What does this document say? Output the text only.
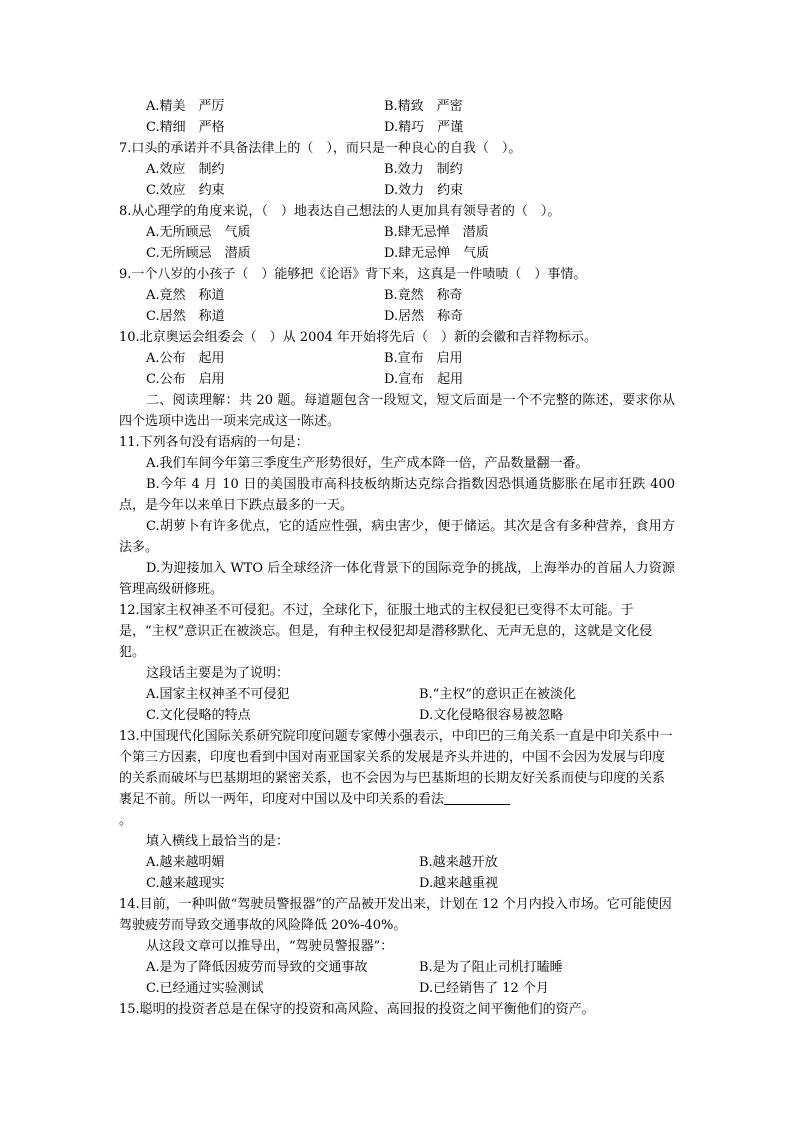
A.精美　严厉	B.精致　严密
C.精细　严格	D.精巧　严谨

7.口头的承诺并不具备法律上的（　），而只是一种良心的自我（　）。

A.效应　制约	B.效力　制约
C.效应　约束	D.效力　约束

8.从心理学的角度来说，（　）地表达自己想法的人更加具有领导者的（　）。

A.无所顾忌　气质	B.肆无忌惮　潜质
C.无所顾忌　潜质	D.肆无忌惮　气质

9.一个八岁的小孩子（　）能够把《论语》背下来，这真是一件啧啧（　）事情。

A.竟然　称道	B.竟然　称奇
C.居然　称道	D.居然　称奇

10.北京奥运会组委会（　）从 2004 年开始将先后（　）新的会徽和吉祥物标示。

A.公布　起用	B.宣布　启用
C.公布　启用	D.宣布　起用

二、阅读理解：共 20 题。每道题包含一段短文，短文后面是一个不完整的陈述，要求你从四个选项中选出一项来完成这一陈述。

11.下列各句没有语病的一句是：

A.我们车间今年第三季度生产形势很好，生产成本降一倍，产品数量翻一番。

B.今年 4 月 10 日的美国股市高科技板纳斯达克综合指数因恐惧通货膨胀在尾市狂跌 400 点，是今年以来单日下跌点最多的一天。

C.胡萝卜有许多优点，它的适应性强，病虫害少，便于储运。其次是含有多种营养，食用方法多。

D.为迎接加入 WTO 后全球经济一体化背景下的国际竞争的挑战，上海举办的首届人力资源管理高级研修班。

12.国家主权神圣不可侵犯。不过，全球化下，征服土地式的主权侵犯已变得不太可能。于是，“主权”意识正在被淡忘。但是，有种主权侵犯却是潜移默化、无声无息的，这就是文化侵犯。

这段话主要是为了说明：

A.国家主权神圣不可侵犯	B.“主权”的意识正在被淡化
C.文化侵略的特点	D.文化侵略很容易被忽略

13.中国现代化国际关系研究院印度问题专家傅小强表示，中印巴的三角关系一直是中印关系中一个第三方因素，印度也看到中国对南亚国家关系的发展是齐头并进的，中国不会因为发展与印度的关系而破坏与巴基期坦的紧密关系，也不会因为与巴基斯坦的长期友好关系而使与印度的关系裹足不前。所以一两年，印度对中国以及中印关系的看法
。

填入横线上最恰当的是：

A.越来越明媚	B.越来越开放
C.越来越现实	D.越来越重视

14.目前，一种叫做“驾驶员警报器”的产品被开发出来，计划在 12 个月内投入市场。它可能使因驾驶疲劳而导致交通事故的风险降低 20%-40%。

从这段文章可以推导出，“驾驶员警报器”：

A.是为了降低因疲劳而导致的交通事故	B.是为了阻止司机打瞌睡
C.已经通过实验测试	D.已经销售了 12 个月

15.聪明的投资者总是在保守的投资和高风险、高回报的投资之间平衡他们的资产。
